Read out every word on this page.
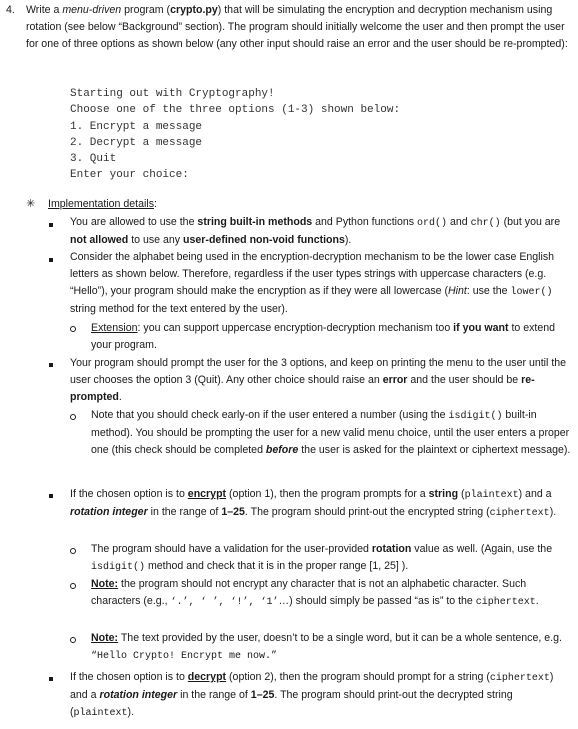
4. Write a menu-driven program (crypto.py) that will be simulating the encryption and decryption mechanism using rotation (see below “Background” section). The program should initially welcome the user and then prompt the user for one of three options as shown below (any other input should raise an error and the user should be re-prompted):
Starting out with Cryptography!
Choose one of the three options (1-3) shown below:
1. Encrypt a message
2. Decrypt a message
3. Quit
Enter your choice:
✳ Implementation details:
You are allowed to use the string built-in methods and Python functions ord() and chr() (but you are not allowed to use any user-defined non-void functions).
Consider the alphabet being used in the encryption-decryption mechanism to be the lower case English letters as shown below. Therefore, regardless if the user types strings with uppercase characters (e.g. “Hello”), your program should make the encryption as if they were all lowercase (Hint: use the lower() string method for the text entered by the user).
Extension: you can support uppercase encryption-decryption mechanism too if you want to extend your program.
Your program should prompt the user for the 3 options, and keep on printing the menu to the user until the user chooses the option 3 (Quit). Any other choice should raise an error and the user should be re-prompted.
Note that you should check early-on if the user entered a number (using the isdigit() built-in method). You should be prompting the user for a new valid menu choice, until the user enters a proper one (this check should be completed before the user is asked for the plaintext or ciphertext message).
If the chosen option is to encrypt (option 1), then the program prompts for a string (plaintext) and a rotation integer in the range of 1–25. The program should print-out the encrypted string (ciphertext).
The program should have a validation for the user-provided rotation value as well. (Again, use the isdigit() method and check that it is in the proper range [1, 25] ).
Note: the program should not encrypt any character that is not an alphabetic character. Such characters (e.g., ‘.’, ‘ ’, ‘!’, ‘1’…) should simply be passed “as is” to the ciphertext.
Note: The text provided by the user, doesn’t to be a single word, but it can be a whole sentence, e.g. “Hello Crypto! Encrypt me now.”
If the chosen option is to decrypt (option 2), then the program should prompt for a string (ciphertext) and a rotation integer in the range of 1–25. The program should print-out the decrypted string (plaintext).
